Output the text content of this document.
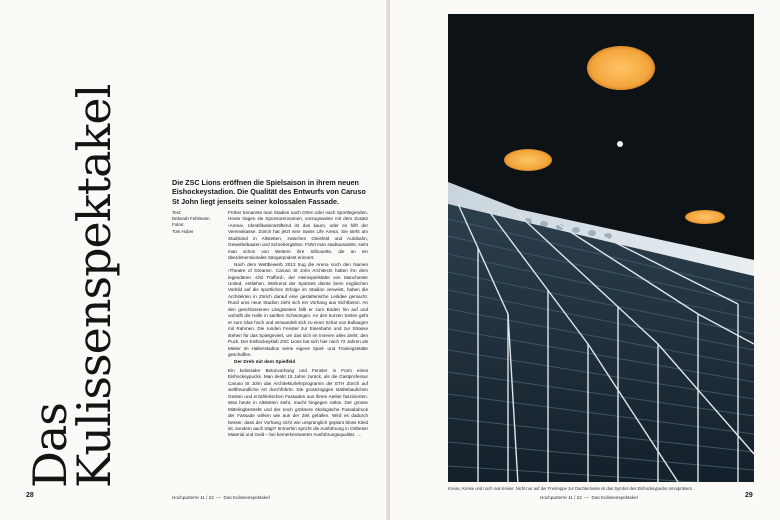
Das
Kulissenspektakel	Die ZSC Lions eröffnen die Spielsaison in ihrem neuen Eishockeystadion. Die Qualität des Entwurfs von Caruso St John liegt jenseits seiner kolossalen Fassade.
Text:
Deborah Fehlmann
Fotos:
Tom Huber

Früher benannte man Stadien nach Orten oder nach Sportlegenden. Heute tragen sie Sponsorennamen, vorzugsweise mit dem Zusatz ‹Arena›. Identifikationsstiftend ist das kaum, oder es hilft der Vereinskasse. Zürich hat jetzt eine Swiss Life Arena. Sie steht am Stadtrand in Altstetten, zwischen Gleisfeld und Autobahn, Gewerbebauten und Schrebergärten. Führt man stadtauswärts, sieht man schon von Weitem ihre Silhouette, die an ein überdimensionales Sängerpodest erinnert.

Nach dem Wettbewerb 2013 trug die Arena noch den Namen ‹Theatre of Dreams›. Caruso St John Architects hatten ihn dem legendären ‹Old Trafford›, der Heimspielstätte von Manchester United, entliehen. Während der Spielzeit diente beim englischen Vorbild auf die sportlichen Erfolge im Stadion verweist, haben die Architekten in Zürich darauf eine gestalterische Leitidee gemacht. Rund ums neue Stadion zieht sich ein Vorhang aus Sichtbeton. An den geschlossenen Längsseiten fällt er zum Boden hin auf und umhüllt die Halle in sanften Schwüngen. An den kurzen Seiten geht er zum Glas hoch und verwandelt sich zu einer Schar von Bullaugen mit Rahmen. Die runden Fenster zur Eisenbahn und zur Strasse stehen für das Spielgeviert, um das sich im Inneren alles dreht: den Puck. Der Eishockeyklub ZSC Lions hat sich hier nach 72 Jahren als Mieter im Hallenstadion seine eigene Spiel- und Trainingsstätte geschaffen.

Der Dreh mit dem Spielfeld

Ein kolossaler Betonvorhang und Fenster in Form eines Eishockeypucks. Man denkt 15 Jahre zurück, als die Gastprofessur Caruso St John das Architekturlehrprogramm der ETH Zürich auf weltfreundliche Art durchführte. Die grosszügigen städtebaulichen Gesten und erzählerischen Fassaden aus ihrem Atelier faszinierten. Was heute in Altstetten steht, macht hingegen ratlos. Der grosse Mittelingbestrebt und der noch grössere ökologische Fussabdruck der Fassade wirken wie aus der Zeit gefallen. Wird es dadurch besser, dass der Vorhang nicht wie ursprünglich geplant bloss Kleid ist, sondern auch trägt? Immerhin spricht die Ausführung in Ortbeton Material und Geld – bei bemerkenswerter Ausführungsqualität. →

28	Hochparterre 11 / 22 — Das Kulissenspektakel
Kreise, Kreise und noch mal Kreise: Nicht nur auf der Freitreppe zur Dachterrasse ist das Symbol des Eishockeypucks omnipräsent.
Hochparterre 11 / 22 — Das Kulissenspektakel	29
